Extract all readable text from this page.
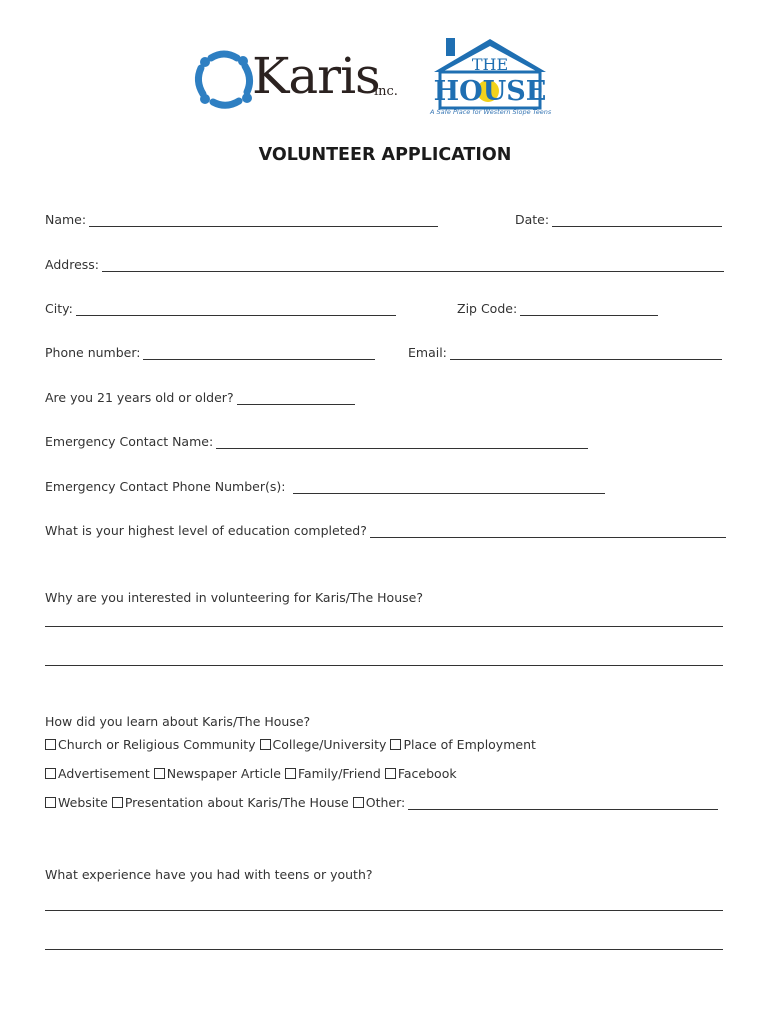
Karis
inc.
THE
HOUSE
A Safe Place for Western Slope Teens
VOLUNTEER APPLICATION
Name:	Date:
Address:
City:	Zip Code:
Phone number:	Email:
Are you 21 years old or older?
Emergency Contact Name:
Emergency Contact Phone Number(s):
What is your highest level of education completed?
Why are you interested in volunteering for Karis/The House?
How did you learn about Karis/The House?
Church or Religious Community College/University Place of Employment
Advertisement Newspaper Article Family/Friend Facebook
Website Presentation about Karis/The House Other:
What experience have you had with teens or youth?
